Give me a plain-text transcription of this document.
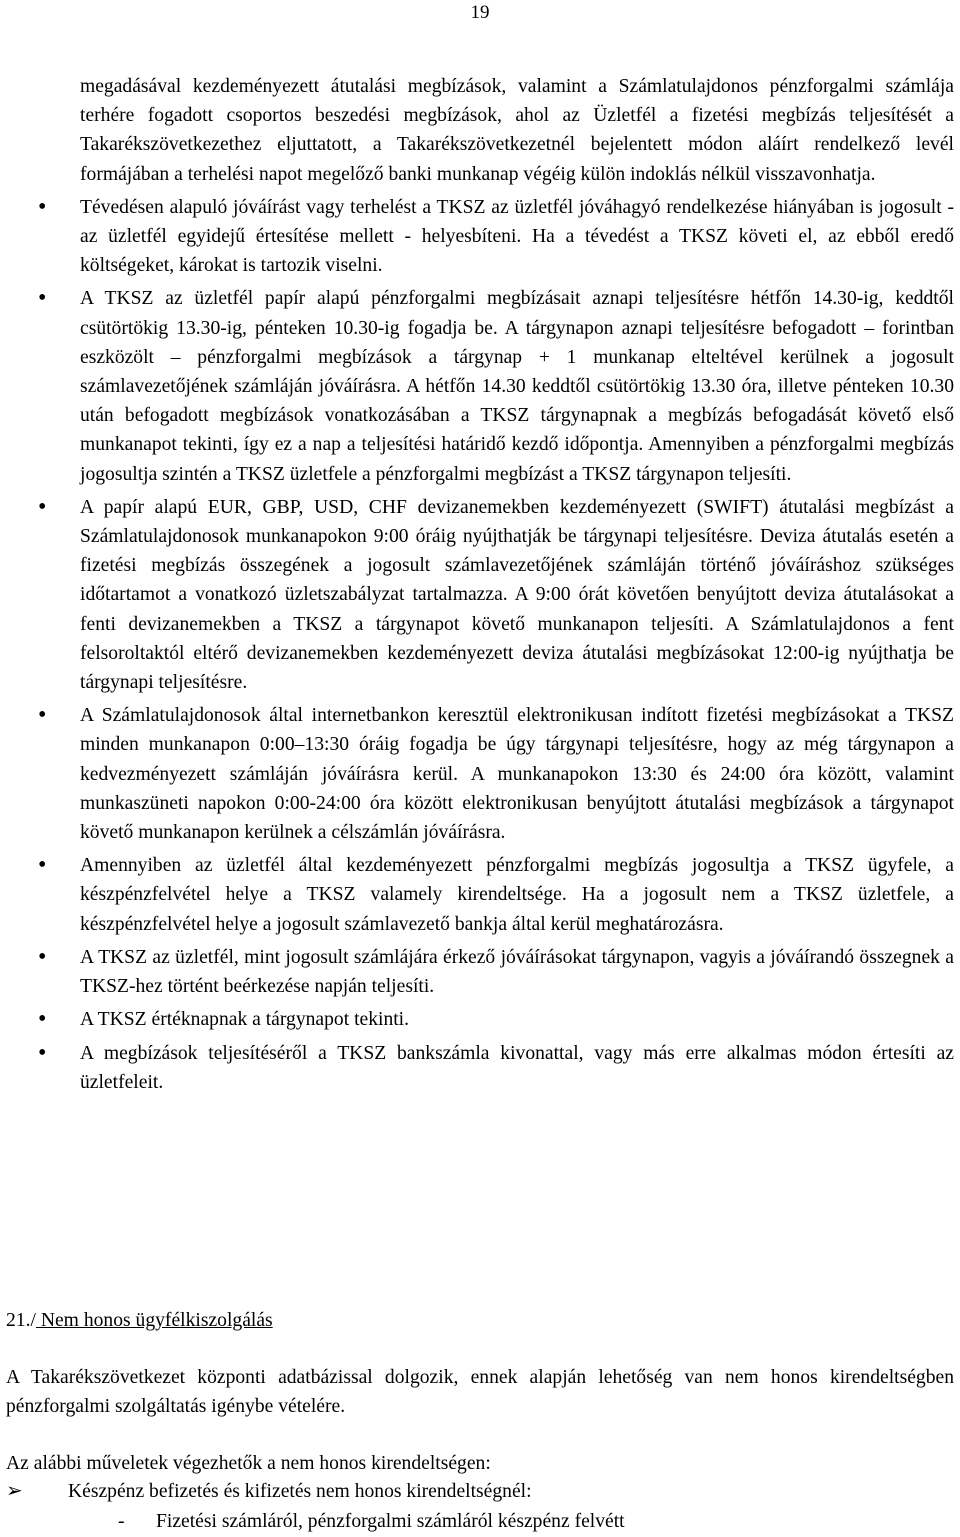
19
megadásával kezdeményezett átutalási megbízások, valamint a Számlatulajdonos pénzforgalmi számlája terhére fogadott csoportos beszedési megbízások, ahol az Üzletfél a fizetési megbízás teljesítését a Takarékszövetkezethez eljuttatott, a Takarékszövetkezetnél bejelentett módon aláírt rendelkező levél formájában a terhelési napot megelőző banki munkanap végéig külön indoklás nélkül visszavonhatja.
• Tévedésen alapuló jóváírást vagy terhelést a TKSZ az üzletfél jóváhagyó rendelkezése hiányában is jogosult - az üzletfél egyidejű értesítése mellett - helyesbíteni. Ha a tévedést a TKSZ követi el, az ebből eredő költségeket, károkat is tartozik viselni.
• A TKSZ az üzletfél papír alapú pénzforgalmi megbízásait aznapi teljesítésre hétfőn 14.30-ig, keddtől csütörtökig 13.30-ig, pénteken 10.30-ig fogadja be. A tárgynapon aznapi teljesítésre befogadott – forintban eszközölt – pénzforgalmi megbízások a tárgynap + 1 munkanap elteltével kerülnek a jogosult számlavezetőjének számláján jóváírásra. A hétfőn 14.30 keddtől csütörtökig 13.30 óra, illetve pénteken 10.30 után befogadott megbízások vonatkozásában a TKSZ tárgynapnak a megbízás befogadását követő első munkanapot tekinti, így ez a nap a teljesítési határidő kezdő időpontja. Amennyiben a pénzforgalmi megbízás jogosultja szintén a TKSZ üzletfele a pénzforgalmi megbízást a TKSZ tárgynapon teljesíti.
• A papír alapú EUR, GBP, USD, CHF devizanemekben kezdeményezett (SWIFT) átutalási megbízást a Számlatulajdonosok munkanapokon 9:00 óráig nyújthatják be tárgynapi teljesítésre. Deviza átutalás esetén a fizetési megbízás összegének a jogosult számlavezetőjének számláján történő jóváíráshoz szükséges időtartamot a vonatkozó üzletszabályzat tartalmazza. A 9:00 órát követően benyújtott deviza átutalásokat a fenti devizanemekben a TKSZ a tárgynapot követő munkanapon teljesíti. A Számlatulajdonos a fent felsoroltaktól eltérő devizanemekben kezdeményezett deviza átutalási megbízásokat 12:00-ig nyújthatja be tárgynapi teljesítésre.
• A Számlatulajdonosok által internetbankon keresztül elektronikusan indított fizetési megbízásokat a TKSZ minden munkanapon 0:00–13:30 óráig fogadja be úgy tárgynapi teljesítésre, hogy az még tárgynapon a kedvezményezett számláján jóváírásra kerül. A munkanapokon 13:30 és 24:00 óra között, valamint munkaszüneti napokon 0:00-24:00 óra között elektronikusan benyújtott átutalási megbízások a tárgynapot követő munkanapon kerülnek a célszámlán jóváírásra.
• Amennyiben az üzletfél által kezdeményezett pénzforgalmi megbízás jogosultja a TKSZ ügyfele, a készpénzfelvétel helye a TKSZ valamely kirendeltsége. Ha a jogosult nem a TKSZ üzletfele, a készpénzfelvétel helye a jogosult számlavezető bankja által kerül meghatározásra.
• A TKSZ az üzletfél, mint jogosult számlájára érkező jóváírásokat tárgynapon, vagyis a jóváírandó összegnek a TKSZ-hez történt beérkezése napján teljesíti.
• A TKSZ értéknapnak a tárgynapot tekinti.
• A megbízások teljesítéséről a TKSZ bankszámla kivonattal, vagy más erre alkalmas módon értesíti az üzletfeleit.
21./ Nem honos ügyfélkiszolgálás

A Takarékszövetkezet központi adatbázissal dolgozik, ennek alapján lehetőség van nem honos kirendeltségben pénzforgalmi szolgáltatás igénybe vételére.

Az alábbi műveletek végezhetők a nem honos kirendeltségen:

➢ Készpénz befizetés és kifizetés nem honos kirendeltségnél:
- Fizetési számláról, pénzforgalmi számláról készpénz felvétt
